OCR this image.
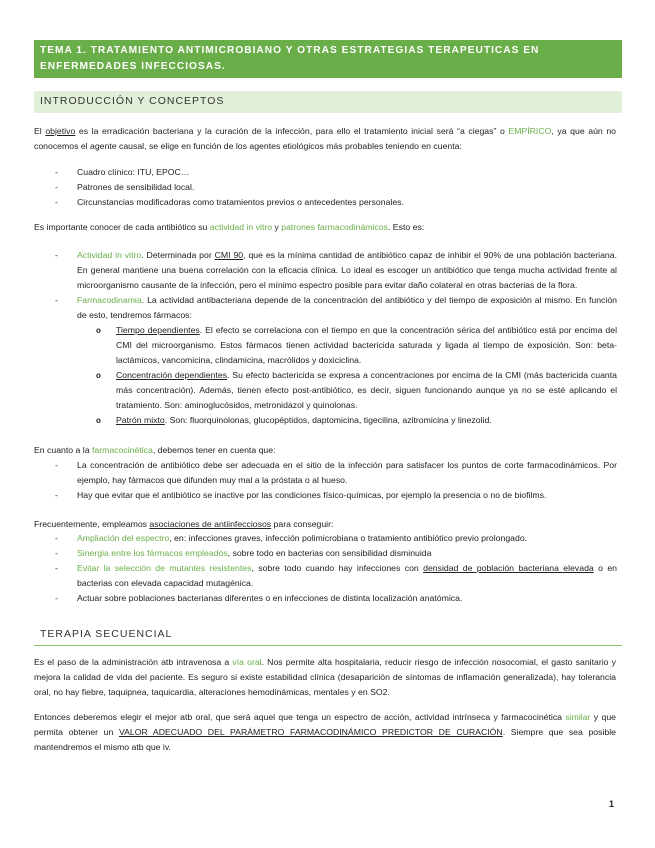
TEMA 1. TRATAMIENTO ANTIMICROBIANO Y OTRAS ESTRATEGIAS TERAPEUTICAS EN ENFERMEDADES INFECCIOSAS.
INTRODUCCIÓN Y CONCEPTOS
El objetivo es la erradicación bacteriana y la curación de la infección, para ello el tratamiento inicial será “a ciegas” o EMPÍRICO, ya que aún no conocemos el agente causal, se elige en función de los agentes etiológicos más probables teniendo en cuenta:
- Cuadro clínico: ITU, EPOC…
- Patrones de sensibilidad local.
- Circunstancias modificadoras como tratamientos previos o antecedentes personales.
Es importante conocer de cada antibiótico su actividad in vitro y patrones farmacodinámicos. Esto es:
- Actividad in vitro. Determinada por CMI 90, que es la mínima cantidad de antibiótico capaz de inhibir el 90% de una población bacteriana. En general mantiene una buena correlación con la eficacia clínica. Lo ideal es escoger un antibiótico que tenga mucha actividad frente al microorganismo causante de la infección, pero el mínimo espectro posible para evitar daño colateral en otras bacterias de la flora.
- Farmacodinamia. La actividad antibacteriana depende de la concentración del antibiótico y del tiempo de exposición al mismo. En función de esto, tendremos fármacos:
o Tiempo dependientes. El efecto se correlaciona con el tiempo en que la concentración sérica del antibiótico está por encima del CMI del microorganismo. Estos fármacos tienen actividad bactericida saturada y ligada al tiempo de exposición. Son: beta-lactámicos, vancomicina, clindamicina, macrólidos y doxiciclina.
o Concentración dependientes. Su efecto bactericida se expresa a concentraciones por encima de la CMI (más bactericida cuanta más concentración). Además, tienen efecto post-antibiótico, es decir, siguen funcionando aunque ya no se esté aplicando el tratamiento. Son: aminoglucósidos, metronidazol y quinolonas.
o Patrón mixto. Son: fluorquinolonas, glucopéptidos, daptomicina, tigecilina, azitromicina y linezolid.
En cuanto a la farmacocinética, debemos tener en cuenta que:
- La concentración de antibiótico debe ser adecuada en el sitio de la infección para satisfacer los puntos de corte farmacodinámicos. Por ejemplo, hay fármacos que difunden muy mal a la próstata o al hueso.
- Hay que evitar que el antibiótico se inactive por las condiciones físico-químicas, por ejemplo la presencia o no de biofilms.
Frecuentemente, empleamos asociaciones de antiinfecciosos para conseguir:
- Ampliación del espectro, en: infecciones graves, infección polimicrobiana o tratamiento antibiótico previo prolongado.
- Sinergia entre los fármacos empleados, sobre todo en bacterias con sensibilidad disminuida
- Evitar la selección de mutantes resistentes, sobre todo cuando hay infecciones con densidad de población bacteriana elevada o en bacterias con elevada capacidad mutagénica.
- Actuar sobre poblaciones bacterianas diferentes o en infecciones de distinta localización anatómica.
TERAPIA SECUENCIAL
Es el paso de la administración atb intravenosa a vía oral. Nos permite alta hospitalaria, reducir riesgo de infección nosocomial, el gasto sanitario y mejora la calidad de vida del paciente. Es seguro si existe estabilidad clínica (desaparición de síntomas de inflamación generalizada), hay tolerancia oral, no hay fiebre, taquipnea, taquicardia, alteraciones hemodinámicas, mentales y en SO2.
Entonces deberemos elegir el mejor atb oral, que será aquel que tenga un espectro de acción, actividad intrínseca y farmacocinética similar y que permita obtener un VALOR ADECUADO DEL PARÁMETRO FARMACODINÁMICO PREDICTOR DE CURACIÓN. Siempre que sea posible mantendremos el mismo atb que iv.
1
